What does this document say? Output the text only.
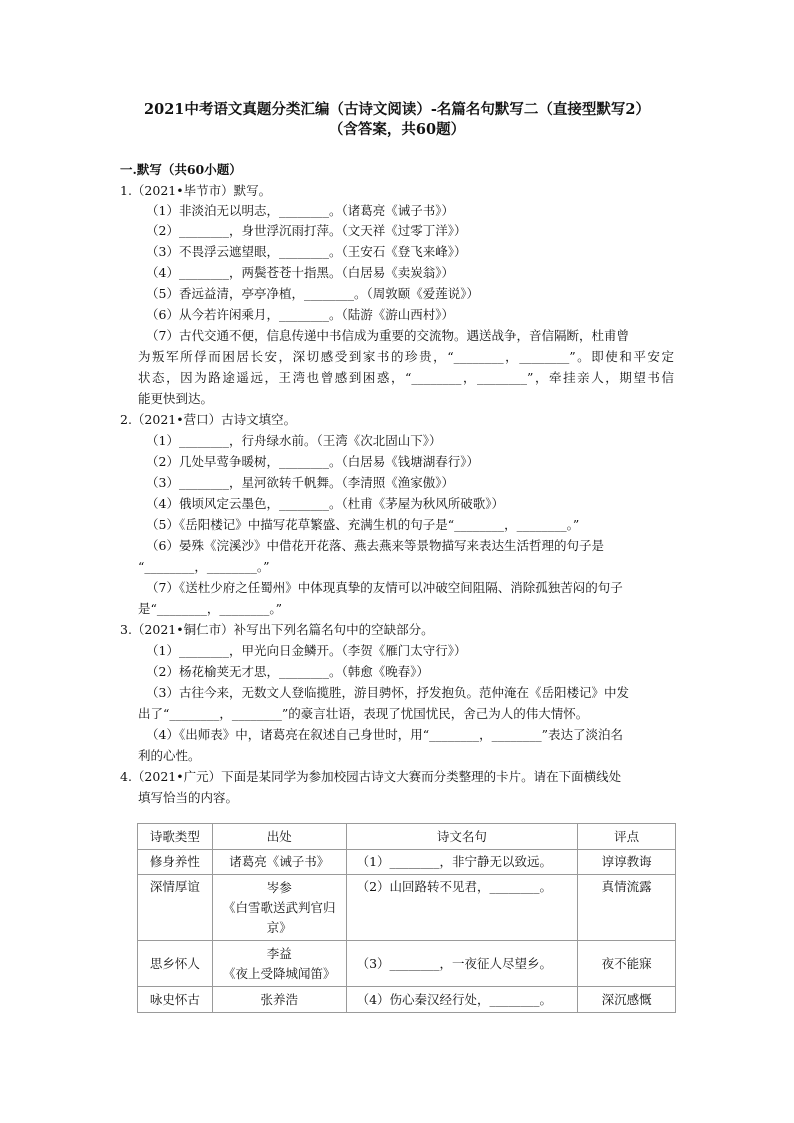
2021中考语文真题分类汇编（古诗文阅读）-名篇名句默写二（直接型默写2）
（含答案，共60题）
一.默写（共60小题）
1.（2021•毕节市）默写。
（1）非淡泊无以明志，________。（诸葛亮《诫子书》）
（2）________，身世浮沉雨打萍。（文天祥《过零丁洋》）
（3）不畏浮云遮望眼，________。（王安石《登飞来峰》）
（4）________，两鬓苍苍十指黑。（白居易《卖炭翁》）
（5）香远益清，亭亭净植，________。（周敦颐《爱莲说》）
（6）从今若许闲乘月，________。（陆游《游山西村》）
（7）古代交通不便，信息传递中书信成为重要的交流物。遇送战争，音信隔断，杜甫曾
为叛军所俘而困居长安，深切感受到家书的珍贵，“________，________”。即使和平安定
状态，因为路途遥远，王湾也曾感到困惑，“________，________”，牵挂亲人，期望书信
能更快到达。
2.（2021•营口）古诗文填空。
（1）________，行舟绿水前。（王湾《次北固山下》）
（2）几处早莺争暖树，________。（白居易《钱塘湖春行》）
（3）________，星河欲转千帆舞。（李清照《渔家傲》）
（4）俄顷风定云墨色，________。（杜甫《茅屋为秋风所破歌》）
（5）《岳阳楼记》中描写花草繁盛、充满生机的句子是“________，________。”
（6）晏殊《浣溪沙》中借花开花落、燕去燕来等景物描写来表达生活哲理的句子是
“________，________。”
（7）《送杜少府之任蜀州》中体现真挚的友情可以冲破空间阻隔、消除孤独苦闷的句子
是“________，________。”
3.（2021•铜仁市）补写出下列名篇名句中的空缺部分。
（1）________，甲光向日金鳞开。（李贺《雁门太守行》）
（2）杨花榆荚无才思，________。（韩愈《晚春》）
（3）古往今来，无数文人登临揽胜，游目骋怀，抒发抱负。范仲淹在《岳阳楼记》中发
出了“________，________”的豪言壮语，表现了忧国忧民，舍己为人的伟大情怀。
（4）《出师表》中，诸葛亮在叙述自己身世时，用“________，________”表达了淡泊名
利的心性。
4.（2021•广元）下面是某同学为参加校园古诗文大赛而分类整理的卡片。请在下面横线处
填写恰当的内容。
诗歌类型	出处	诗文名句	评点
修身养性	诸葛亮《诫子书》	（1）________，非宁静无以致远。	谆谆教诲
深情厚谊	岑参
《白雪歌送武判官归
京》	（2）山回路转不见君，________。	真情流露
思乡怀人	李益
《夜上受降城闻笛》	（3）________，一夜征人尽望乡。	夜不能寐
咏史怀古	张养浩	（4）伤心秦汉经行处，________。	深沉感慨
